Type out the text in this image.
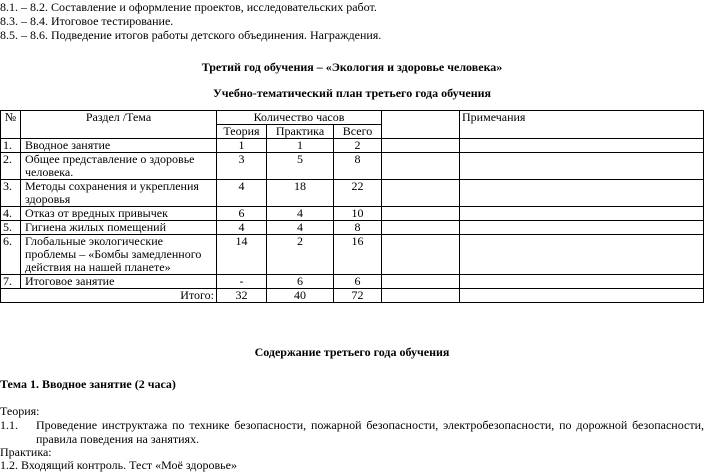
8.1. – 8.2. Составление и оформление проектов, исследовательских работ.
8.3. – 8.4. Итоговое тестирование.
8.5. – 8.6. Подведение итогов работы детского объединения. Награждения.
Третий год обучения – «Экология и здоровье человека»
Учебно-тематический план третьего года обучения
№	Раздел /Тема	Количество часов				Примечания
		Теория	Практика	Всего		
1.	Вводное занятие	1	1	2		
2.	Общее представление о здоровье человека.	3	5	8		
3.	Методы сохранения и укрепления здоровья	4	18	22		
4.	Отказ от вредных привычек	6	4	10		
5.	Гигиена жилых помещений	4	4	8		
6.	Глобальные экологические проблемы – «Бомбы замедленного действия на нашей планете»	14	2	16		
7.	Итоговое занятие	-	6	6		
Итого:		32	40	72		
Содержание третьего года обучения
Тема 1. Вводное занятие (2 часа)
Теория:
1.1. Проведение инструктажа по технике безопасности, пожарной безопасности, электробезопасности, по дорожной безопасности, правила поведения на занятиях.
Практика:
1.2. Входящий контроль. Тест «Моё здоровье»
